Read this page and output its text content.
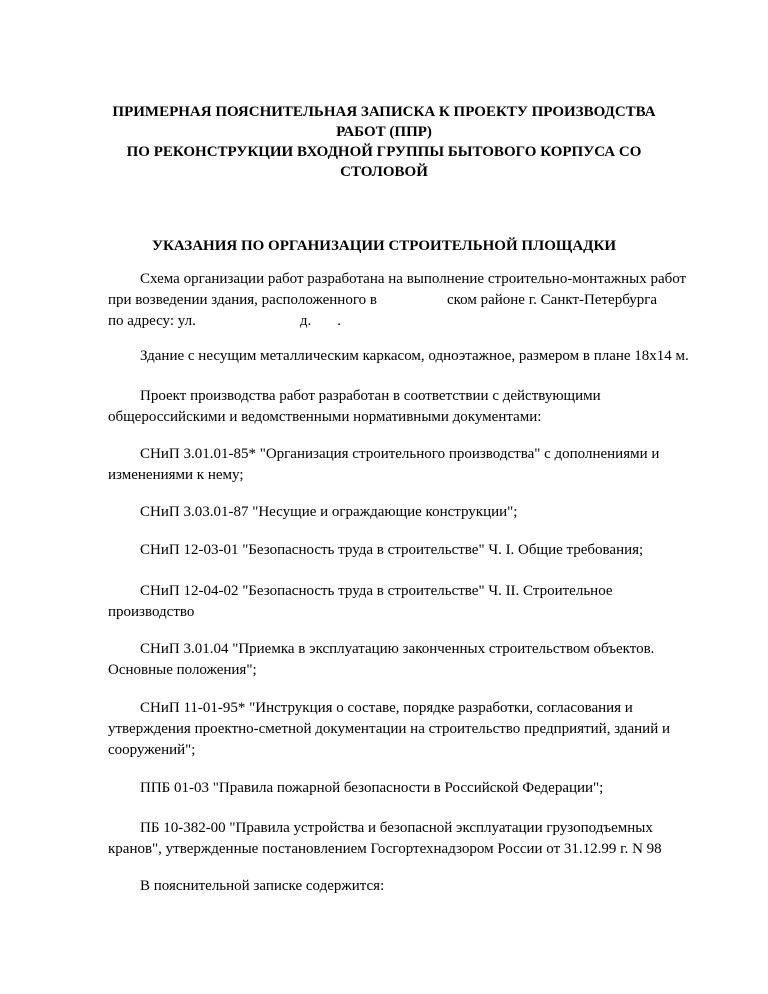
ПРИМЕРНАЯ ПОЯСНИТЕЛЬНАЯ ЗАПИСКА К ПРОЕКТУ ПРОИЗВОДСТВА
РАБОТ (ППР)
ПО РЕКОНСТРУКЦИИ ВХОДНОЙ ГРУППЫ БЫТОВОГО КОРПУСА СО
СТОЛОВОЙ
УКАЗАНИЯ ПО ОРГАНИЗАЦИИ СТРОИТЕЛЬНОЙ ПЛОЩАДКИ
Схема организации работ разработана на выполнение строительно-монтажных работ
при возведении здания, расположенного в	ском районе г. Санкт-Петербурга
по адресу: ул.	д. .
Здание с несущим металлическим каркасом, одноэтажное, размером в плане 18х14 м.
Проект производства работ разработан в соответствии с действующими
общероссийскими и ведомственными нормативными документами:
СНиП 3.01.01-85* "Организация строительного производства" с дополнениями и
изменениями к нему;
СНиП 3.03.01-87 "Несущие и ограждающие конструкции";
СНиП 12-03-01 "Безопасность труда в строительстве" Ч. I. Общие требования;
СНиП 12-04-02 "Безопасность труда в строительстве" Ч. II. Строительное
производство
СНиП 3.01.04 "Приемка в эксплуатацию законченных строительством объектов.
Основные положения";
СНиП 11-01-95* "Инструкция о составе, порядке разработки, согласования и
утверждения проектно-сметной документации на строительство предприятий, зданий и
сооружений";
ППБ 01-03 "Правила пожарной безопасности в Российской Федерации";
ПБ 10-382-00 "Правила устройства и безопасной эксплуатации грузоподъемных
кранов", утвержденные постановлением Госгортехнадзором России от 31.12.99 г. N 98
В пояснительной записке содержится:
